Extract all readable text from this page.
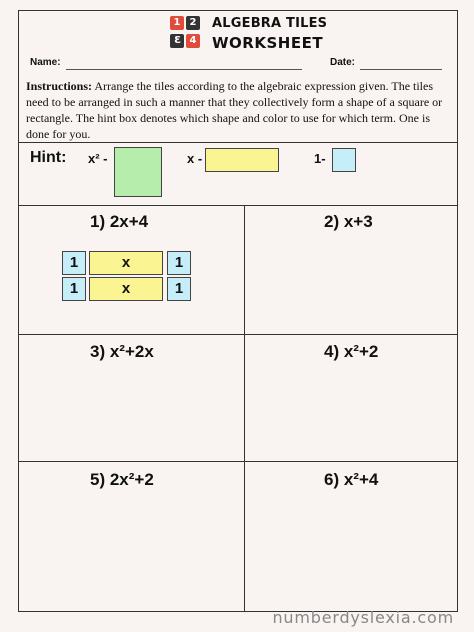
1 2
3 4
ALGEBRA TILES
WORKSHEET
Name:	Date:
Instructions: Arrange the tiles according to the algebraic expression given. The tiles need to be arranged in such a manner that they collectively form a shape of a square or rectangle. The hint box denotes which shape and color to use for which term. One is done for you.
Hint: x² -	x -	1-
1) 2x+4	2) x+3
3) x²+2x	4) x²+2
5) 2x²+2	6) x²+4
1	x	1
1	x	1
numberdyslexia.com
